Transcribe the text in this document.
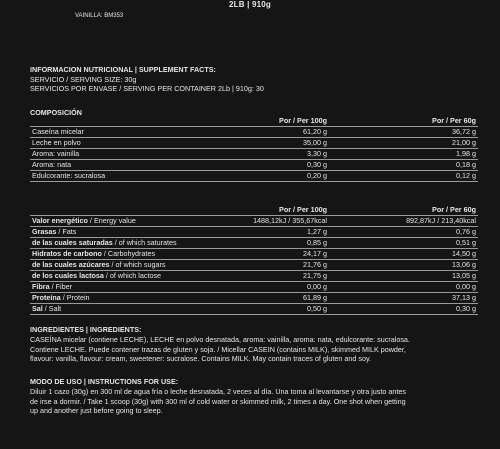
2LB | 910g
VAINILLA: BM353
INFORMACION NUTRICIONAL | SUPPLEMENT FACTS:
SERVICIO / SERVING SIZE: 30g
SERVICIOS POR ENVASE / SERVING PER CONTAINER 2Lb | 910g: 30
COMPOSICIÓN
	Por / Per 100g		Por / Per 60g
Caseína micelar	61,20 g		36,72 g
Leche en polvo	35,00 g		21,00 g
Aroma: vainilla	3,30 g		1,98 g
Aroma: nata	0,30 g		0,18 g
Edulcorante: sucralosa	0,20 g		0,12 g
	Por / Per 100g		Por / Per 60g
Valor energético / Energy value	1488,12kJ / 355,67kcal		892,87kJ / 213,40kcal
Grasas / Fats	1,27 g		0,76 g
de las cuales saturadas / of which saturates	0,85 g		0,51 g
Hidratos de carbono / Carbohydrates	24,17 g		14,50 g
de las cuales azúcares / of which sugars	21,76 g		13,06 g
de los cuales lactosa / of which lactose	21,75 g		13,05 g
Fibra / Fiber	0,00 g		0,00 g
Proteína / Protein	61,89 g		37,13 g
Sal / Salt	0,50 g		0,30 g
INGREDIENTES | INGREDIENTS:
CASEÍNA micelar (contiene LECHE), LECHE en polvo desnatada, aroma: vainilla, aroma: nata, edulcorante: sucralosa.
Contiene LECHE. Puede contener trazas de gluten y soja. / Micellar CASEIN (contains MILK), skimmed MILK powder,
flavour: vanilla, flavour: cream, sweetener: sucralose. Contains MILK. May contain traces of gluten and soy.
MODO DE USO | INSTRUCTIONS FOR USE:
Diluir 1 cazo (30g) en 300 ml de agua fría o leche desnatada, 2 veces al día. Una toma al levantarse y otra justo antes
de irse a dormir. / Take 1 scoop (30g) with 300 ml of cold water or skimmed milk, 2 times a day. One shot when getting
up and another just before going to sleep.
